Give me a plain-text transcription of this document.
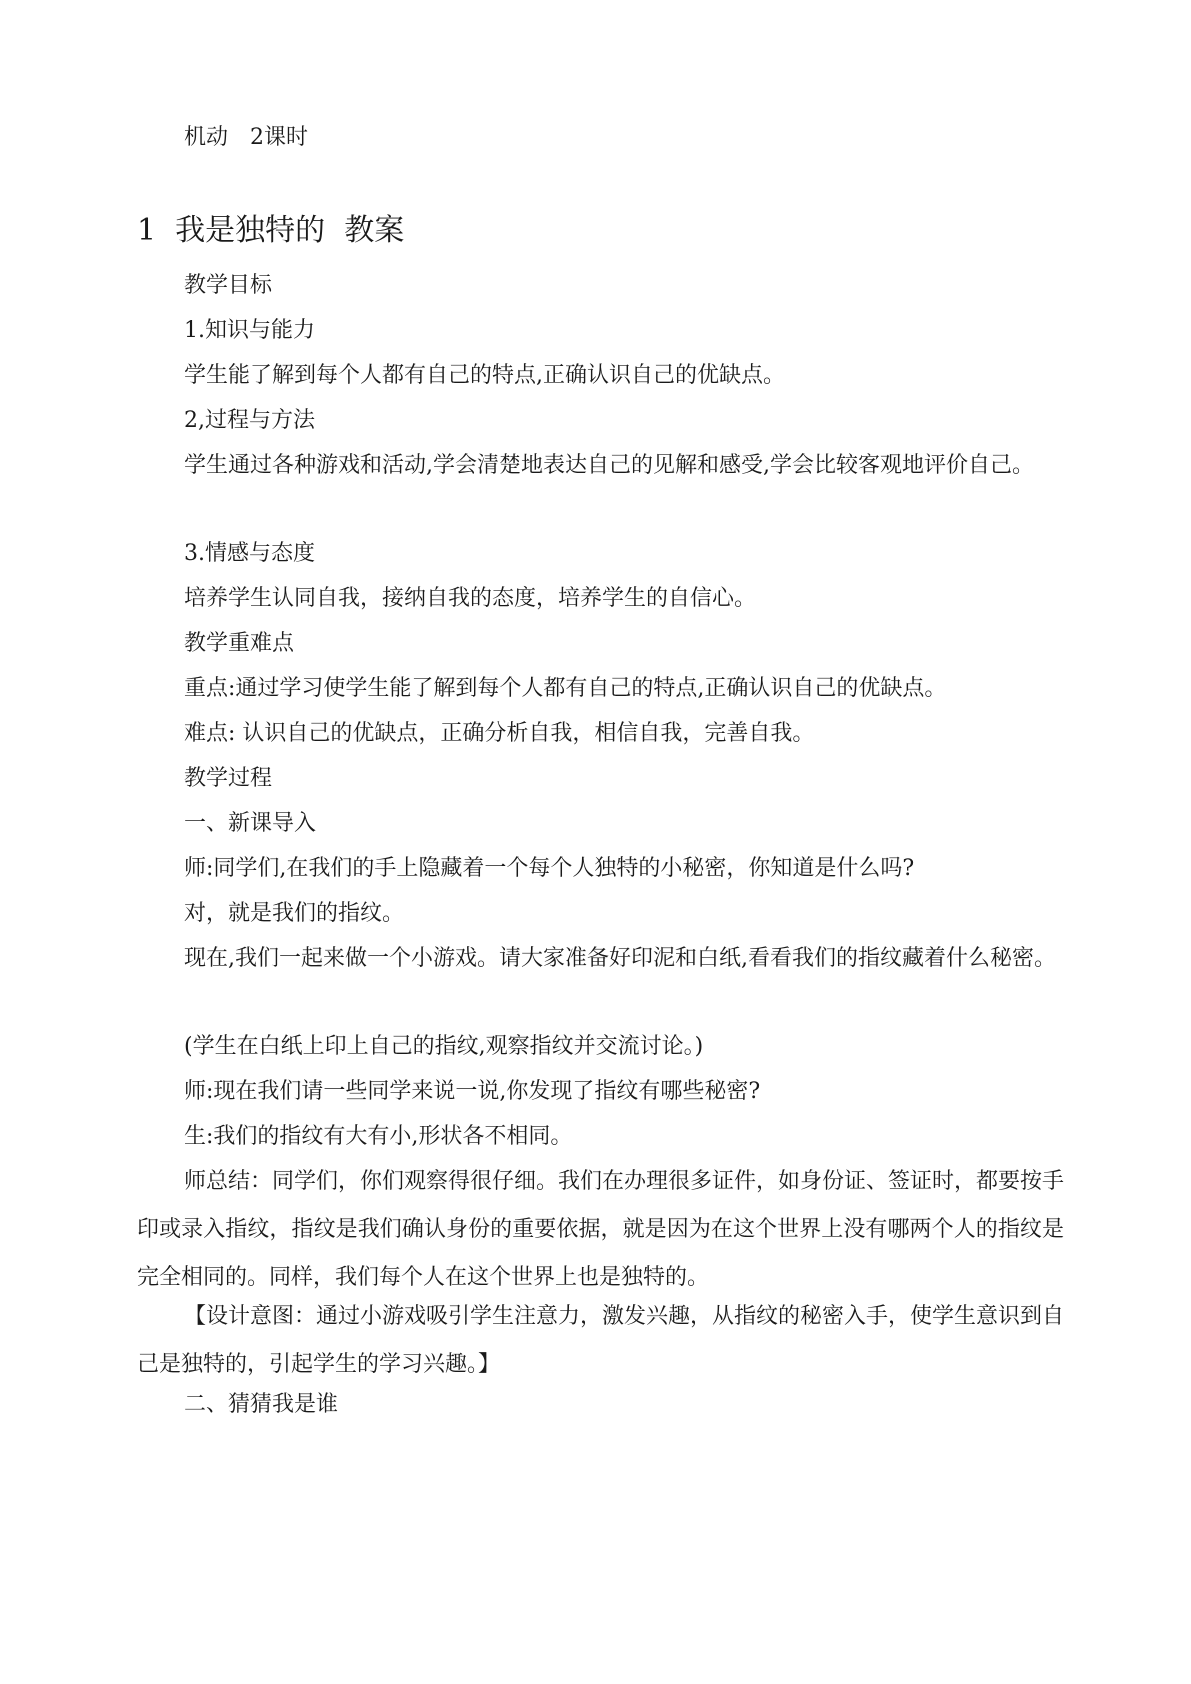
机动 2课时
1  我是独特的  教案

教学目标

1.知识与能力

学生能了解到每个人都有自己的特点,正确认识自己的优缺点。

2,过程与方法

学生通过各种游戏和活动,学会清楚地表达自己的见解和感受,学会比较客观地评价自己。

3.情感与态度

培养学生认同自我，接纳自我的态度，培养学生的自信心。

教学重难点

重点:通过学习使学生能了解到每个人都有自己的特点,正确认识自己的优缺点。

难点: 认识自己的优缺点，正确分析自我，相信自我，完善自我。

教学过程

一、新课导入

师:同学们,在我们的手上隐藏着一个每个人独特的小秘密，你知道是什么吗?

对，就是我们的指纹。

现在,我们一起来做一个小游戏。请大家准备好印泥和白纸,看看我们的指纹藏着什么秘密。

(学生在白纸上印上自己的指纹,观察指纹并交流讨论。)

师:现在我们请一些同学来说一说,你发现了指纹有哪些秘密?

生:我们的指纹有大有小,形状各不相同。

师总结：同学们，你们观察得很仔细。我们在办理很多证件，如身份证、签证时，都要按手印或录入指纹，指纹是我们确认身份的重要依据，就是因为在这个世界上没有哪两个人的指纹是完全相同的。同样，我们每个人在这个世界上也是独特的。

【设计意图：通过小游戏吸引学生注意力，激发兴趣，从指纹的秘密入手，使学生意识到自己是独特的，引起学生的学习兴趣。】

二、猜猜我是谁
